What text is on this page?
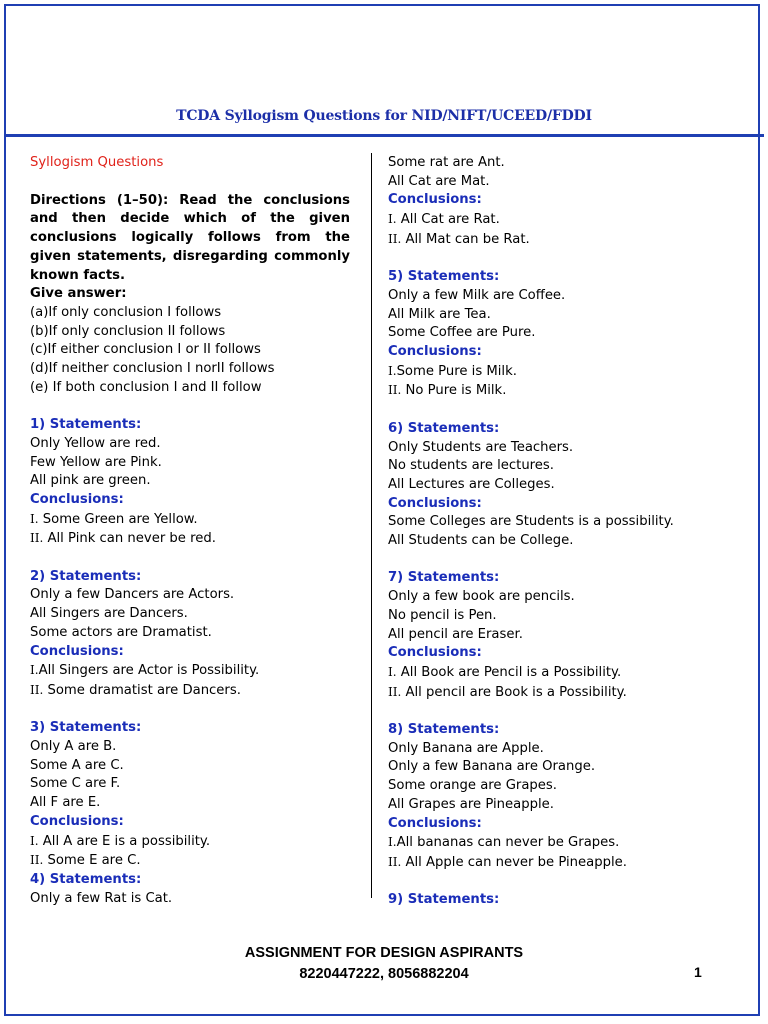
TCDA Syllogism Questions for NID/NIFT/UCEED/FDDI
Syllogism Questions
Directions (1–50): Read the conclusions and then decide which of the given conclusions logically follows from the given statements, disregarding commonly known facts.
Give answer:
(a)If only conclusion I follows
(b)If only conclusion II follows
(c)If either conclusion I or II follows
(d)If neither conclusion I norII follows
(e) If both conclusion I and II follow
1) Statements:
Only Yellow are red.
Few Yellow are Pink.
All pink are green.
Conclusions:
I. Some Green are Yellow.
II. All Pink can never be red.
2) Statements:
Only a few Dancers are Actors.
All Singers are Dancers.
Some actors are Dramatist.
Conclusions:
I.All Singers are Actor is Possibility.
II. Some dramatist are Dancers.
3) Statements:
Only A are B.
Some A are C.
Some C are F.
All F are E.
Conclusions:
I. All A are E is a possibility.
II. Some E are C.
4) Statements:
Only a few Rat is Cat.
Some rat are Ant.
All Cat are Mat.
Conclusions:
I. All Cat are Rat.
II. All Mat can be Rat.
5) Statements:
Only a few Milk are Coffee.
All Milk are Tea.
Some Coffee are Pure.
Conclusions:
I.Some Pure is Milk.
II. No Pure is Milk.
6) Statements:
Only Students are Teachers.
No students are lectures.
All Lectures are Colleges.
Conclusions:
Some Colleges are Students is a possibility.
All Students can be College.
7) Statements:
Only a few book are pencils.
No pencil is Pen.
All pencil are Eraser.
Conclusions:
I. All Book are Pencil is a Possibility.
II. All pencil are Book is a Possibility.
8) Statements:
Only Banana are Apple.
Only a few Banana are Orange.
Some orange are Grapes.
All Grapes are Pineapple.
Conclusions:
I.All bananas can never be Grapes.
II. All Apple can never be Pineapple.
9) Statements:
ASSIGNMENT FOR DESIGN ASPIRANTS
8220447222, 8056882204	1
